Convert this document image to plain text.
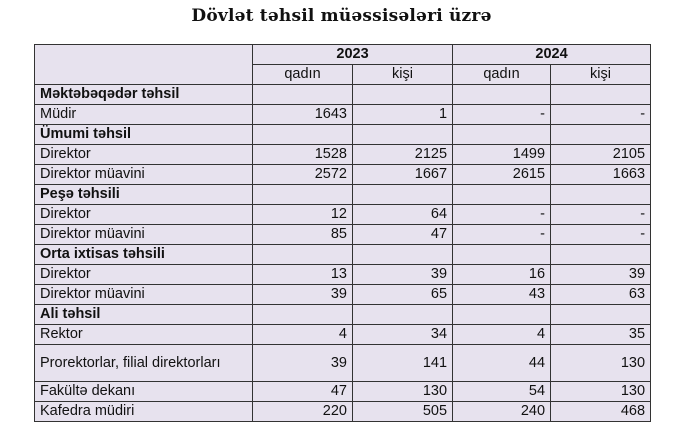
Dövlət təhsil müəssisələri üzrə
	2023		2024	
	qadın	kişi	qadın	kişi
Məktəbəqədər təhsil				
Müdir	1643	1	-	-
Ümumi təhsil				
Direktor	1528	2125	1499	2105
Direktor müavini	2572	1667	2615	1663
Peşə təhsili				
Direktor	12	64	-	-
Direktor müavini	85	47	-	-
Orta ixtisas təhsili				
Direktor	13	39	16	39
Direktor müavini	39	65	43	63
Ali təhsil				
Rektor	4	34	4	35
Prorektorlar, filial direktorları	39	141	44	130
Fakültə dekanı	47	130	54	130
Kafedra müdiri	220	505	240	468
